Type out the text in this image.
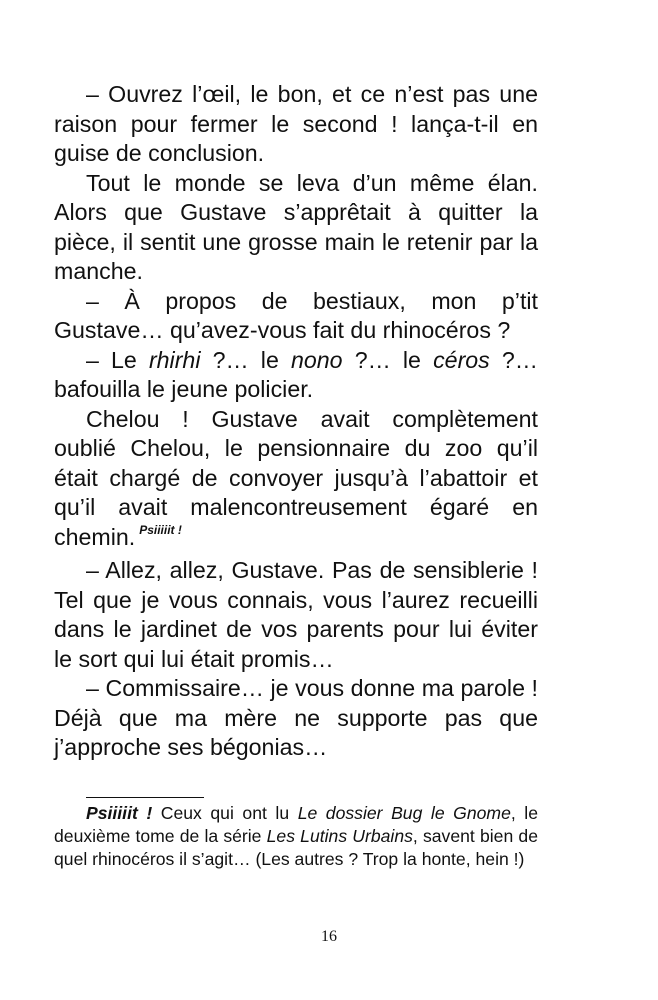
– Ouvrez l’œil, le bon, et ce n’est pas une raison pour fermer le second ! lança-t-il en guise de conclusion.

Tout le monde se leva d’un même élan. Alors que Gustave s’apprêtait à quitter la pièce, il sentit une grosse main le retenir par la manche.

– À propos de bestiaux, mon p’tit Gustave… qu’avez-vous fait du rhinocéros ?

– Le rhirhi ?… le nono ?… le céros ?… bafouilla le jeune policier.

Chelou ! Gustave avait complètement oublié Chelou, le pensionnaire du zoo qu’il était chargé de convoyer jusqu’à l’abattoir et qu’il avait malencontreusement égaré en chemin. $^{Psiiiiit !}$

– Allez, allez, Gustave. Pas de sensiblerie ! Tel que je vous connais, vous l’aurez recueilli dans le jardinet de vos parents pour lui éviter le sort qui lui était promis…

– Commissaire… je vous donne ma parole ! Déjà que ma mère ne supporte pas que j’approche ses bégonias…

Psiiiiit ! Ceux qui ont lu Le dossier Bug le Gnome, le deuxième tome de la série Les Lutins Urbains, savent bien de quel rhinocéros il s’agit… (Les autres ? Trop la honte, hein !)

16
